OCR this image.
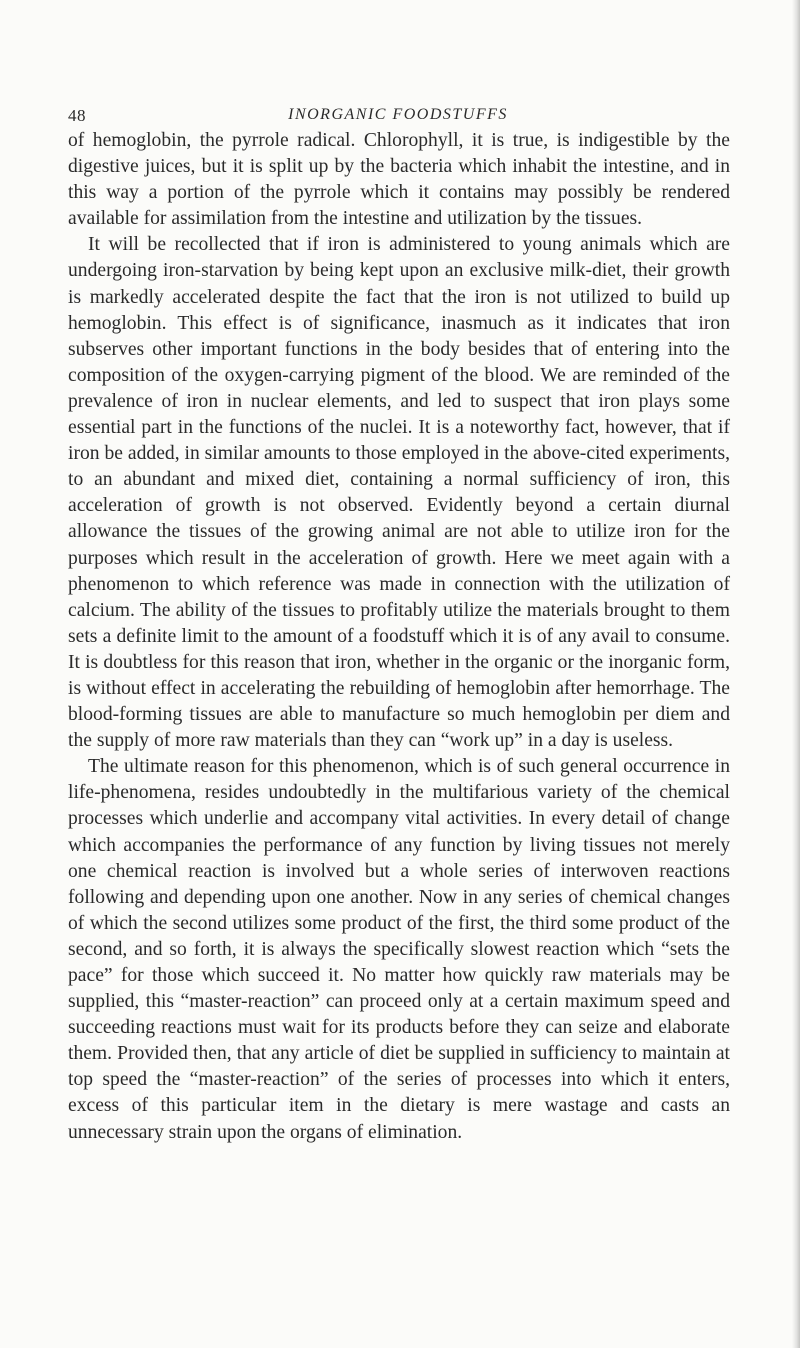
48	INORGANIC FOODSTUFFS

of hemoglobin, the pyrrole radical. Chlorophyll, it is true, is indigestible by the digestive juices, but it is split up by the bacteria which inhabit the intestine, and in this way a portion of the pyrrole which it contains may possibly be rendered available for assimilation from the intestine and utilization by the tissues.

It will be recollected that if iron is administered to young animals which are undergoing iron-starvation by being kept upon an exclusive milk-diet, their growth is markedly accelerated despite the fact that the iron is not utilized to build up hemoglobin. This effect is of significance, inasmuch as it indicates that iron subserves other important functions in the body besides that of entering into the composition of the oxygen-carrying pigment of the blood. We are reminded of the prevalence of iron in nuclear elements, and led to suspect that iron plays some essential part in the functions of the nuclei. It is a noteworthy fact, however, that if iron be added, in similar amounts to those employed in the above-cited experiments, to an abundant and mixed diet, containing a normal sufficiency of iron, this acceleration of growth is not observed. Evidently beyond a certain diurnal allowance the tissues of the growing animal are not able to utilize iron for the purposes which result in the acceleration of growth. Here we meet again with a phenomenon to which reference was made in connection with the utilization of calcium. The ability of the tissues to profitably utilize the materials brought to them sets a definite limit to the amount of a foodstuff which it is of any avail to consume. It is doubtless for this reason that iron, whether in the organic or the inorganic form, is without effect in accelerating the rebuilding of hemoglobin after hemorrhage. The blood-forming tissues are able to manufacture so much hemoglobin per diem and the supply of more raw materials than they can “work up” in a day is useless.

The ultimate reason for this phenomenon, which is of such general occurrence in life-phenomena, resides undoubtedly in the multifarious variety of the chemical processes which underlie and accompany vital activities. In every detail of change which accompanies the performance of any function by living tissues not merely one chemical reaction is involved but a whole series of interwoven reactions following and depending upon one another. Now in any series of chemical changes of which the second utilizes some product of the first, the third some product of the second, and so forth, it is always the specifically slowest reaction which “sets the pace” for those which succeed it. No matter how quickly raw materials may be supplied, this “master-reaction” can proceed only at a certain maximum speed and succeeding reactions must wait for its products before they can seize and elaborate them. Provided then, that any article of diet be supplied in sufficiency to maintain at top speed the “master-reaction” of the series of processes into which it enters, excess of this particular item in the dietary is mere wastage and casts an unnecessary strain upon the organs of elimination.
